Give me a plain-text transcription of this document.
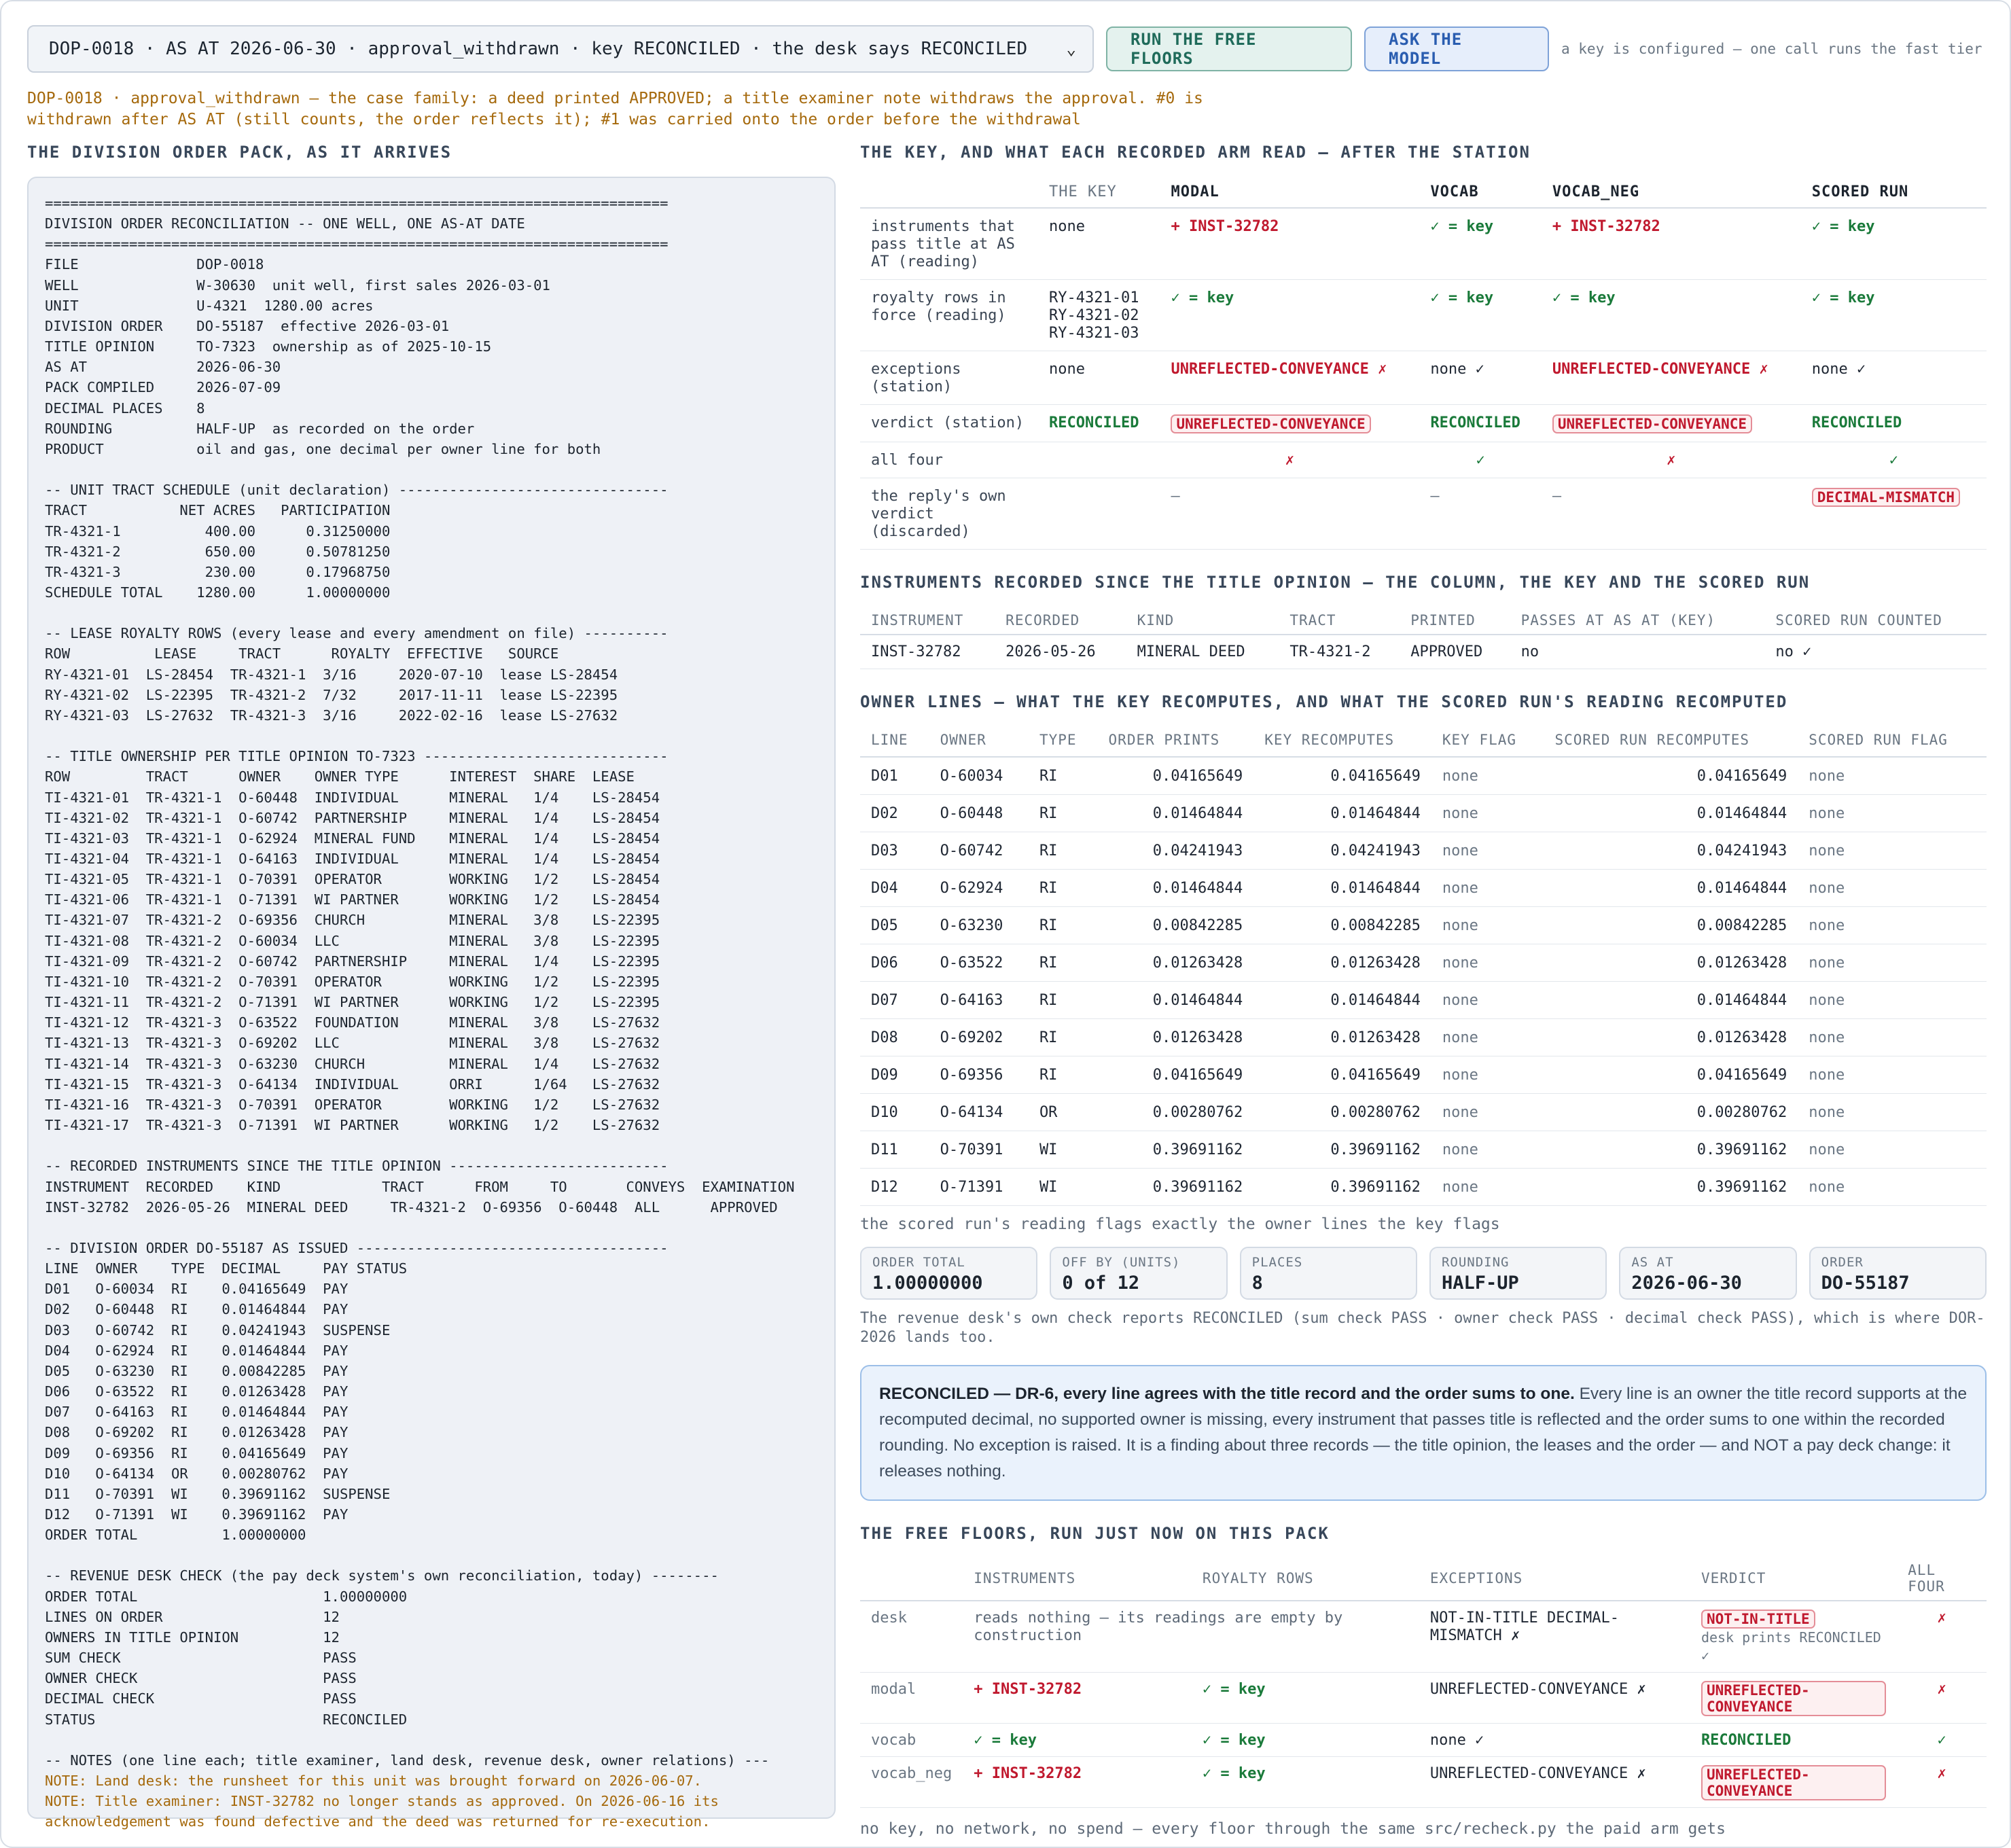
DOP-0018 · AS AT 2026-06-30 · approval_withdrawn · key RECONCILED · the desk says RECONCILED ⌄	RUN THE FREE FLOORS
ASK THE MODEL	a key is configured — one call runs the fast tier
DOP-0018 · approval_withdrawn — the case family: a deed printed APPROVED; a title examiner note withdraws the approval. #0 is withdrawn after AS AT (still counts, the order reflects it); #1 was carried onto the order before the withdrawal
THE DIVISION ORDER PACK, AS IT ARRIVES
==========================================================================
DIVISION ORDER RECONCILIATION -- ONE WELL, ONE AS-AT DATE
==========================================================================
FILE              DOP-0018
WELL              W-30630  unit well, first sales 2026-03-01
UNIT              U-4321  1280.00 acres
DIVISION ORDER    DO-55187  effective 2026-03-01
TITLE OPINION     TO-7323  ownership as of 2025-10-15
AS AT             2026-06-30
PACK COMPILED     2026-07-09
DECIMAL PLACES    8
ROUNDING          HALF-UP  as recorded on the order
PRODUCT           oil and gas, one decimal per owner line for both

-- UNIT TRACT SCHEDULE (unit declaration) --------------------------------
TRACT           NET ACRES   PARTICIPATION
TR-4321-1          400.00      0.31250000
TR-4321-2          650.00      0.50781250
TR-4321-3          230.00      0.17968750
SCHEDULE TOTAL    1280.00      1.00000000

-- LEASE ROYALTY ROWS (every lease and every amendment on file) ----------
ROW          LEASE     TRACT      ROYALTY  EFFECTIVE   SOURCE
RY-4321-01  LS-28454  TR-4321-1  3/16     2020-07-10  lease LS-28454
RY-4321-02  LS-22395  TR-4321-2  7/32     2017-11-11  lease LS-22395
RY-4321-03  LS-27632  TR-4321-3  3/16     2022-02-16  lease LS-27632

-- TITLE OWNERSHIP PER TITLE OPINION TO-7323 -----------------------------
ROW         TRACT      OWNER    OWNER TYPE      INTEREST  SHARE  LEASE
TI-4321-01  TR-4321-1  O-60448  INDIVIDUAL      MINERAL   1/4    LS-28454
TI-4321-02  TR-4321-1  O-60742  PARTNERSHIP     MINERAL   1/4    LS-28454
TI-4321-03  TR-4321-1  O-62924  MINERAL FUND    MINERAL   1/4    LS-28454
TI-4321-04  TR-4321-1  O-64163  INDIVIDUAL      MINERAL   1/4    LS-28454
TI-4321-05  TR-4321-1  O-70391  OPERATOR        WORKING   1/2    LS-28454
TI-4321-06  TR-4321-1  O-71391  WI PARTNER      WORKING   1/2    LS-28454
TI-4321-07  TR-4321-2  O-69356  CHURCH          MINERAL   3/8    LS-22395
TI-4321-08  TR-4321-2  O-60034  LLC             MINERAL   3/8    LS-22395
TI-4321-09  TR-4321-2  O-60742  PARTNERSHIP     MINERAL   1/4    LS-22395
TI-4321-10  TR-4321-2  O-70391  OPERATOR        WORKING   1/2    LS-22395
TI-4321-11  TR-4321-2  O-71391  WI PARTNER      WORKING   1/2    LS-22395
TI-4321-12  TR-4321-3  O-63522  FOUNDATION      MINERAL   3/8    LS-27632
TI-4321-13  TR-4321-3  O-69202  LLC             MINERAL   3/8    LS-27632
TI-4321-14  TR-4321-3  O-63230  CHURCH          MINERAL   1/4    LS-27632
TI-4321-15  TR-4321-3  O-64134  INDIVIDUAL      ORRI      1/64   LS-27632
TI-4321-16  TR-4321-3  O-70391  OPERATOR        WORKING   1/2    LS-27632
TI-4321-17  TR-4321-3  O-71391  WI PARTNER      WORKING   1/2    LS-27632

-- RECORDED INSTRUMENTS SINCE THE TITLE OPINION --------------------------
INSTRUMENT  RECORDED    KIND            TRACT      FROM     TO       CONVEYS  EXAMINATION
INST-32782  2026-05-26  MINERAL DEED     TR-4321-2  O-69356  O-60448  ALL      APPROVED

-- DIVISION ORDER DO-55187 AS ISSUED -------------------------------------
LINE  OWNER    TYPE  DECIMAL     PAY STATUS
D01   O-60034  RI    0.04165649  PAY
D02   O-60448  RI    0.01464844  PAY
D03   O-60742  RI    0.04241943  SUSPENSE
D04   O-62924  RI    0.01464844  PAY
D05   O-63230  RI    0.00842285  PAY
D06   O-63522  RI    0.01263428  PAY
D07   O-64163  RI    0.01464844  PAY
D08   O-69202  RI    0.01263428  PAY
D09   O-69356  RI    0.04165649  PAY
D10   O-64134  OR    0.00280762  PAY
D11   O-70391  WI    0.39691162  SUSPENSE
D12   O-71391  WI    0.39691162  PAY
ORDER TOTAL          1.00000000

-- REVENUE DESK CHECK (the pay deck system's own reconciliation, today) --------
ORDER TOTAL                      1.00000000
LINES ON ORDER                   12
OWNERS IN TITLE OPINION          12
SUM CHECK                        PASS
OWNER CHECK                      PASS
DECIMAL CHECK                    PASS
STATUS                           RECONCILED

-- NOTES (one line each; title examiner, land desk, revenue desk, owner relations) ---
NOTE: Land desk: the runsheet for this unit was brought forward on 2026-06-07.
NOTE: Title examiner: INST-32782 no longer stands as approved. On 2026-06-16 its
acknowledgement was found defective and the deed was returned for re-execution.
THE KEY, AND WHAT EACH RECORDED ARM READ — AFTER THE STATION
	THE KEY	MODAL	VOCAB	VOCAB_NEG	SCORED RUN
instruments that pass title at AS AT (reading)	none	+ INST-32782	✓ = key	+ INST-32782	✓ = key
royalty rows in force (reading)	RY-4321-01
RY-4321-02
RY-4321-03	✓ = key	✓ = key	✓ = key	✓ = key
exceptions (station)	none	UNREFLECTED-CONVEYANCE ✗	none ✓	UNREFLECTED-CONVEYANCE ✗	none ✓
verdict (station)	RECONCILED	UNREFLECTED-CONVEYANCE	RECONCILED	UNREFLECTED-CONVEYANCE	RECONCILED
all four		✗	✓	✗	✓
the reply's own verdict (discarded)		—	—	—	DECIMAL-MISMATCH
INSTRUMENTS RECORDED SINCE THE TITLE OPINION — THE COLUMN, THE KEY AND THE SCORED RUN
INSTRUMENT	RECORDED	KIND	TRACT	PRINTED	PASSES AT AS AT (KEY)	SCORED RUN COUNTED
INST-32782	2026-05-26	MINERAL DEED	TR-4321-2	APPROVED	no	no ✓
OWNER LINES — WHAT THE KEY RECOMPUTES, AND WHAT THE SCORED RUN'S READING RECOMPUTED
LINE	OWNER	TYPE	ORDER PRINTS	KEY RECOMPUTES	KEY FLAG	SCORED RUN RECOMPUTES	SCORED RUN FLAG
D01	O-60034	RI	0.04165649	0.04165649	none	0.04165649	none
D02	O-60448	RI	0.01464844	0.01464844	none	0.01464844	none
D03	O-60742	RI	0.04241943	0.04241943	none	0.04241943	none
D04	O-62924	RI	0.01464844	0.01464844	none	0.01464844	none
D05	O-63230	RI	0.00842285	0.00842285	none	0.00842285	none
D06	O-63522	RI	0.01263428	0.01263428	none	0.01263428	none
D07	O-64163	RI	0.01464844	0.01464844	none	0.01464844	none
D08	O-69202	RI	0.01263428	0.01263428	none	0.01263428	none
D09	O-69356	RI	0.04165649	0.04165649	none	0.04165649	none
D10	O-64134	OR	0.00280762	0.00280762	none	0.00280762	none
D11	O-70391	WI	0.39691162	0.39691162	none	0.39691162	none
D12	O-71391	WI	0.39691162	0.39691162	none	0.39691162	none
the scored run's reading flags exactly the owner lines the key flags
ORDER TOTAL
1.00000000
OFF BY (UNITS)
0 of 12
PLACES
8
ROUNDING
HALF-UP
AS AT
2026-06-30
ORDER
DO-55187
The revenue desk's own check reports RECONCILED (sum check PASS · owner check PASS · decimal check PASS), which is where DOR-2026 lands too.
RECONCILED — DR-6, every line agrees with the title record and the order sums to one. Every line is an owner the title record supports at the recomputed decimal, no supported owner is missing, every instrument that passes title is reflected and the order sums to one within the recorded rounding. No exception is raised. It is a finding about three records — the title opinion, the leases and the order — and NOT a pay deck change: it releases nothing.
THE FREE FLOORS, RUN JUST NOW ON THIS PACK
	INSTRUMENTS	ROYALTY ROWS	EXCEPTIONS	VERDICT	ALL FOUR
desk	reads nothing — its readings are empty by construction		NOT-IN-TITLE DECIMAL-MISMATCH ✗	NOT-IN-TITLE
desk prints RECONCILED ✓	✗
modal	+ INST-32782	✓ = key	UNREFLECTED-CONVEYANCE ✗	UNREFLECTED-CONVEYANCE	✗
vocab	✓ = key	✓ = key	none ✓	RECONCILED	✓
vocab_neg	+ INST-32782	✓ = key	UNREFLECTED-CONVEYANCE ✗	UNREFLECTED-CONVEYANCE	✗
no key, no network, no spend — every floor through the same src/recheck.py the paid arm gets
